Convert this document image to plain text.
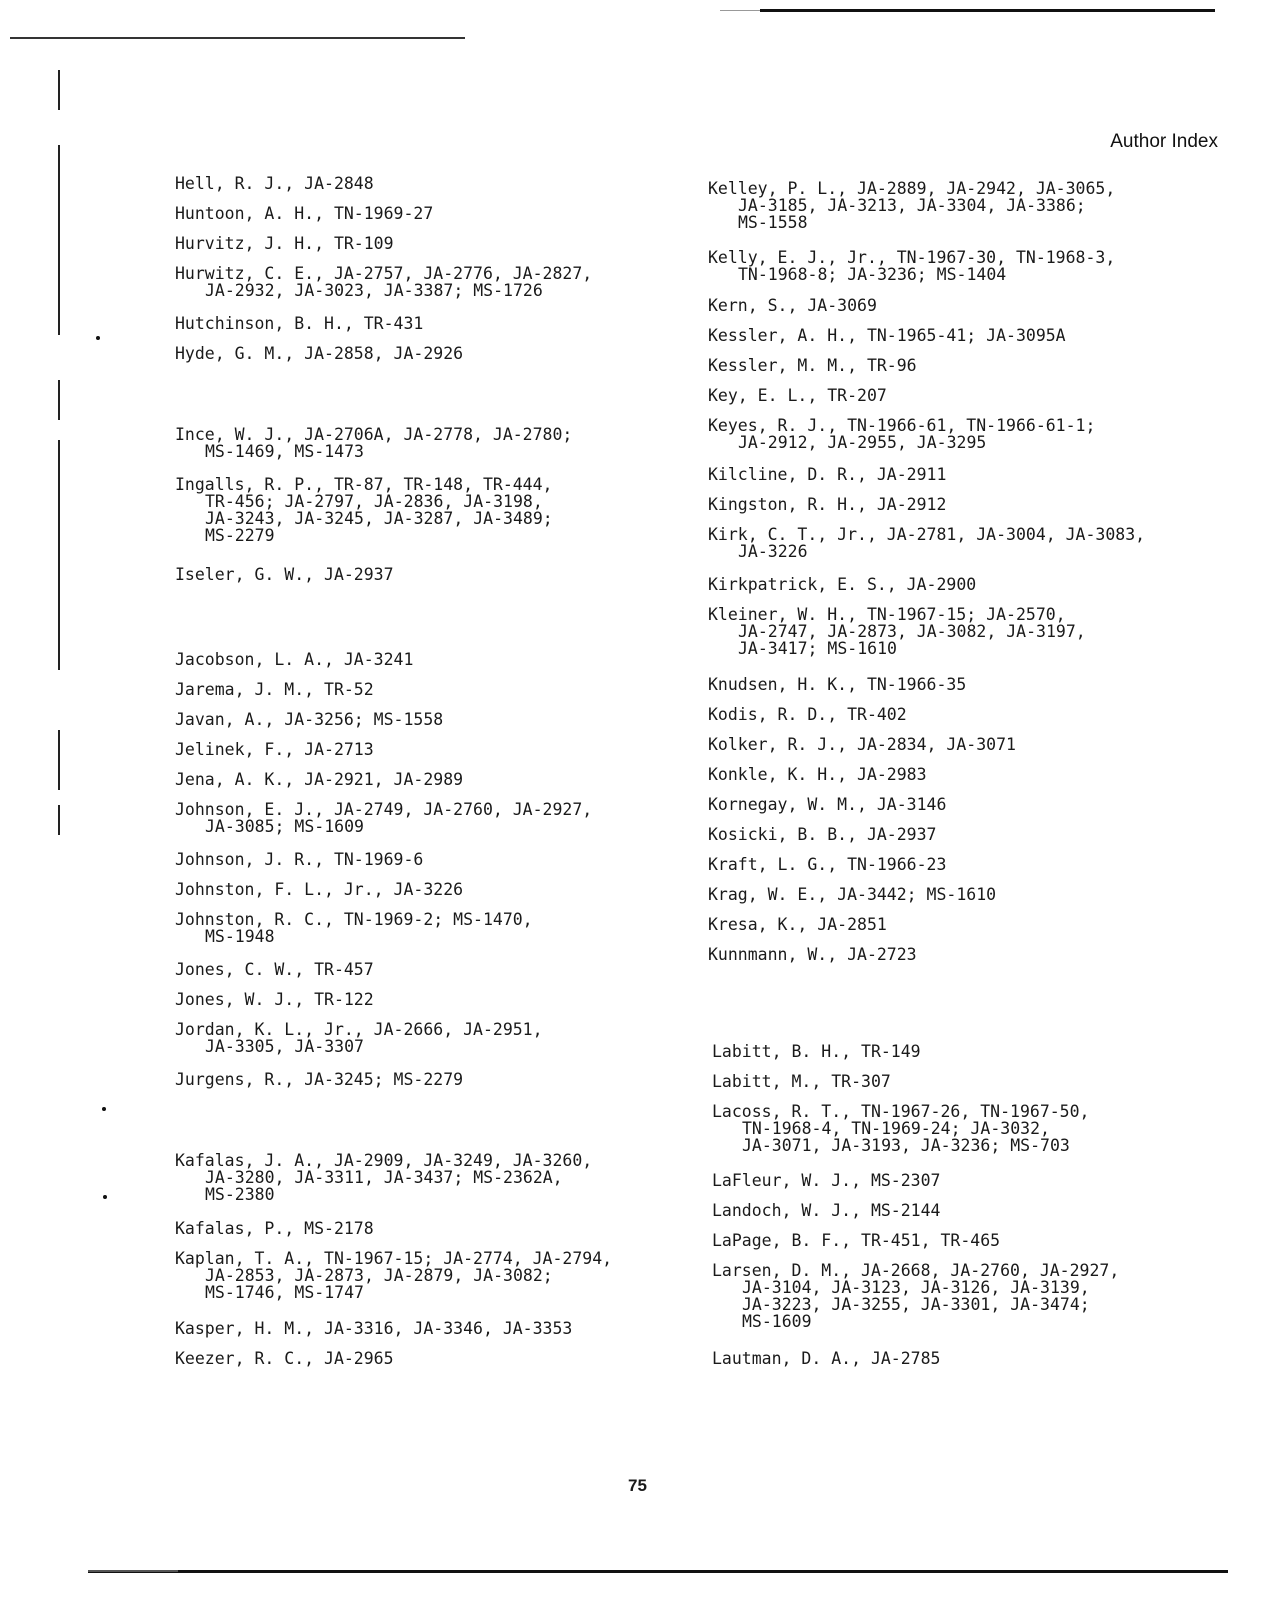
Author Index
Hell, R. J., JA-2848
Huntoon, A. H., TN-1969-27
Hurvitz, J. H., TR-109
Hurwitz, C. E., JA-2757, JA-2776, JA-2827,
JA-2932, JA-3023, JA-3387; MS-1726
Hutchinson, B. H., TR-431
Hyde, G. M., JA-2858, JA-2926
Ince, W. J., JA-2706A, JA-2778, JA-2780;
MS-1469, MS-1473
Ingalls, R. P., TR-87, TR-148, TR-444,
TR-456; JA-2797, JA-2836, JA-3198,
JA-3243, JA-3245, JA-3287, JA-3489;
MS-2279
Iseler, G. W., JA-2937
Jacobson, L. A., JA-3241
Jarema, J. M., TR-52
Javan, A., JA-3256; MS-1558
Jelinek, F., JA-2713
Jena, A. K., JA-2921, JA-2989
Johnson, E. J., JA-2749, JA-2760, JA-2927,
JA-3085; MS-1609
Johnson, J. R., TN-1969-6
Johnston, F. L., Jr., JA-3226
Johnston, R. C., TN-1969-2; MS-1470,
MS-1948
Jones, C. W., TR-457
Jones, W. J., TR-122
Jordan, K. L., Jr., JA-2666, JA-2951,
JA-3305, JA-3307
Jurgens, R., JA-3245; MS-2279
Kafalas, J. A., JA-2909, JA-3249, JA-3260,
JA-3280, JA-3311, JA-3437; MS-2362A,
MS-2380
Kafalas, P., MS-2178
Kaplan, T. A., TN-1967-15; JA-2774, JA-2794,
JA-2853, JA-2873, JA-2879, JA-3082;
MS-1746, MS-1747
Kasper, H. M., JA-3316, JA-3346, JA-3353
Keezer, R. C., JA-2965
Kelley, P. L., JA-2889, JA-2942, JA-3065,
JA-3185, JA-3213, JA-3304, JA-3386;
MS-1558
Kelly, E. J., Jr., TN-1967-30, TN-1968-3,
TN-1968-8; JA-3236; MS-1404
Kern, S., JA-3069
Kessler, A. H., TN-1965-41; JA-3095A
Kessler, M. M., TR-96
Key, E. L., TR-207
Keyes, R. J., TN-1966-61, TN-1966-61-1;
JA-2912, JA-2955, JA-3295
Kilcline, D. R., JA-2911
Kingston, R. H., JA-2912
Kirk, C. T., Jr., JA-2781, JA-3004, JA-3083,
JA-3226
Kirkpatrick, E. S., JA-2900
Kleiner, W. H., TN-1967-15; JA-2570,
JA-2747, JA-2873, JA-3082, JA-3197,
JA-3417; MS-1610
Knudsen, H. K., TN-1966-35
Kodis, R. D., TR-402
Kolker, R. J., JA-2834, JA-3071
Konkle, K. H., JA-2983
Kornegay, W. M., JA-3146
Kosicki, B. B., JA-2937
Kraft, L. G., TN-1966-23
Krag, W. E., JA-3442; MS-1610
Kresa, K., JA-2851
Kunnmann, W., JA-2723
Labitt, B. H., TR-149
Labitt, M., TR-307
Lacoss, R. T., TN-1967-26, TN-1967-50,
TN-1968-4, TN-1969-24; JA-3032,
JA-3071, JA-3193, JA-3236; MS-703
LaFleur, W. J., MS-2307
Landoch, W. J., MS-2144
LaPage, B. F., TR-451, TR-465
Larsen, D. M., JA-2668, JA-2760, JA-2927,
JA-3104, JA-3123, JA-3126, JA-3139,
JA-3223, JA-3255, JA-3301, JA-3474;
MS-1609
Lautman, D. A., JA-2785
75
